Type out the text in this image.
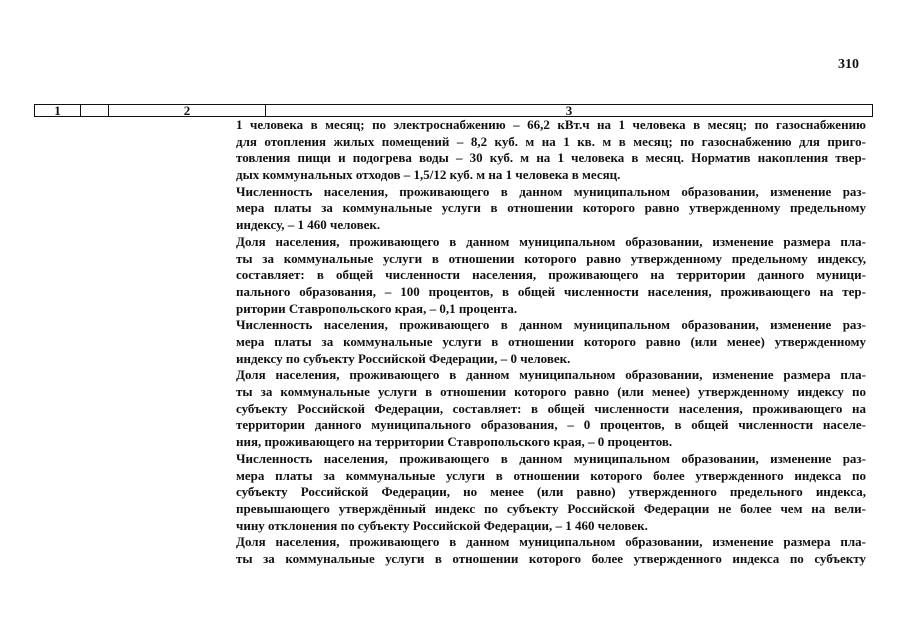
310
1	2	3
1 человека в месяц; по электроснабжению – 66,2 кВт.ч на 1 человека в месяц; по газоснабжению
для отопления жилых помещений – 8,2 куб. м на 1 кв. м в месяц; по газоснабжению для приго-
товления пищи и подогрева воды – 30 куб. м на 1 человека в месяц. Норматив накопления твер-
дых коммунальных отходов – 1,5/12 куб. м на 1 человека в месяц.
Численность населения, проживающего в данном муниципальном образовании, изменение раз-
мера платы за коммунальные услуги в отношении которого равно утвержденному предельному
индексу, – 1 460 человек.
Доля населения, проживающего в данном муниципальном образовании, изменение размера пла-
ты за коммунальные услуги в отношении которого равно утвержденному предельному индексу,
составляет: в общей численности населения, проживающего на территории данного муници-
пального образования, – 100 процентов, в общей численности населения, проживающего на тер-
ритории Ставропольского края, – 0,1 процента.
Численность населения, проживающего в данном муниципальном образовании, изменение раз-
мера платы за коммунальные услуги в отношении которого равно (или менее) утвержденному
индексу по субъекту Российской Федерации, – 0 человек.
Доля населения, проживающего в данном муниципальном образовании, изменение размера пла-
ты за коммунальные услуги в отношении которого равно (или менее) утвержденному индексу по
субъекту Российской Федерации, составляет: в общей численности населения, проживающего на
территории данного муниципального образования, – 0 процентов, в общей численности населе-
ния, проживающего на территории Ставропольского края, – 0 процентов.
Численность населения, проживающего в данном муниципальном образовании, изменение раз-
мера платы за коммунальные услуги в отношении которого более утвержденного индекса по
субъекту Российской Федерации, но менее (или равно) утвержденного предельного индекса,
превышающего утверждённый индекс по субъекту Российской Федерации не более чем на вели-
чину отклонения по субъекту Российской Федерации, – 1 460 человек.
Доля населения, проживающего в данном муниципальном образовании, изменение размера пла-
ты за коммунальные услуги в отношении которого более утвержденного индекса по субъекту
